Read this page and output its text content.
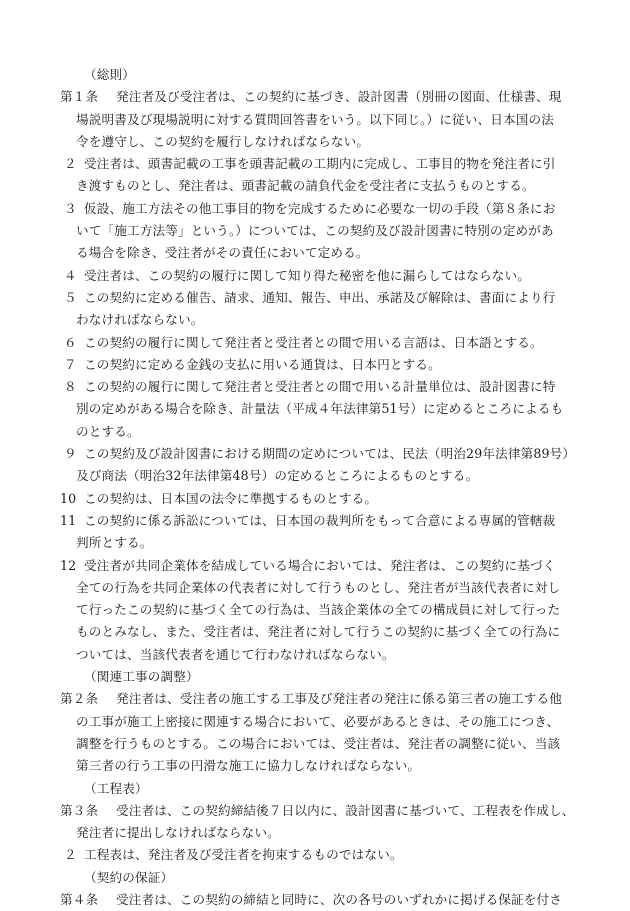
（総則）
第１条 発注者及び受注者は、この契約に基づき、設計図書（別冊の図面、仕様書、現
場説明書及び現場説明に対する質問回答書をいう。以下同じ。）に従い、日本国の法
令を遵守し、この契約を履行しなければならない。
２ 受注者は、頭書記載の工事を頭書記載の工期内に完成し、工事目的物を発注者に引
き渡すものとし、発注者は、頭書記載の請負代金を受注者に支払うものとする。
３ 仮設、施工方法その他工事目的物を完成するために必要な一切の手段（第８条にお
いて「施工方法等」という。）については、この契約及び設計図書に特別の定めがあ
る場合を除き、受注者がその責任において定める。
４ 受注者は、この契約の履行に関して知り得た秘密を他に漏らしてはならない。
５ この契約に定める催告、請求、通知、報告、申出、承諾及び解除は、書面により行
わなければならない。
６ この契約の履行に関して発注者と受注者との間で用いる言語は、日本語とする。
７ この契約に定める金銭の支払に用いる通貨は、日本円とする。
８ この契約の履行に関して発注者と受注者との間で用いる計量単位は、設計図書に特
別の定めがある場合を除き、計量法（平成４年法律第51号）に定めるところによるも
のとする。
９ この契約及び設計図書における期間の定めについては、民法（明治29年法律第89号）
及び商法（明治32年法律第48号）の定めるところによるものとする。
10 この契約は、日本国の法令に準拠するものとする。
11 この契約に係る訴訟については、日本国の裁判所をもって合意による専属的管轄裁
判所とする。
12 受注者が共同企業体を結成している場合においては、発注者は、この契約に基づく
全ての行為を共同企業体の代表者に対して行うものとし、発注者が当該代表者に対し
て行ったこの契約に基づく全ての行為は、当該企業体の全ての構成員に対して行った
ものとみなし、また、受注者は、発注者に対して行うこの契約に基づく全ての行為に
ついては、当該代表者を通じて行わなければならない。
（関連工事の調整）
第２条 発注者は、受注者の施工する工事及び発注者の発注に係る第三者の施工する他
の工事が施工上密接に関連する場合において、必要があるときは、その施工につき、
調整を行うものとする。この場合においては、受注者は、発注者の調整に従い、当該
第三者の行う工事の円滑な施工に協力しなければならない。
（工程表）
第３条 受注者は、この契約締結後７日以内に、設計図書に基づいて、工程表を作成し、
発注者に提出しなければならない。
２ 工程表は、発注者及び受注者を拘束するものではない。
（契約の保証）
第４条 受注者は、この契約の締結と同時に、次の各号のいずれかに掲げる保証を付さ
